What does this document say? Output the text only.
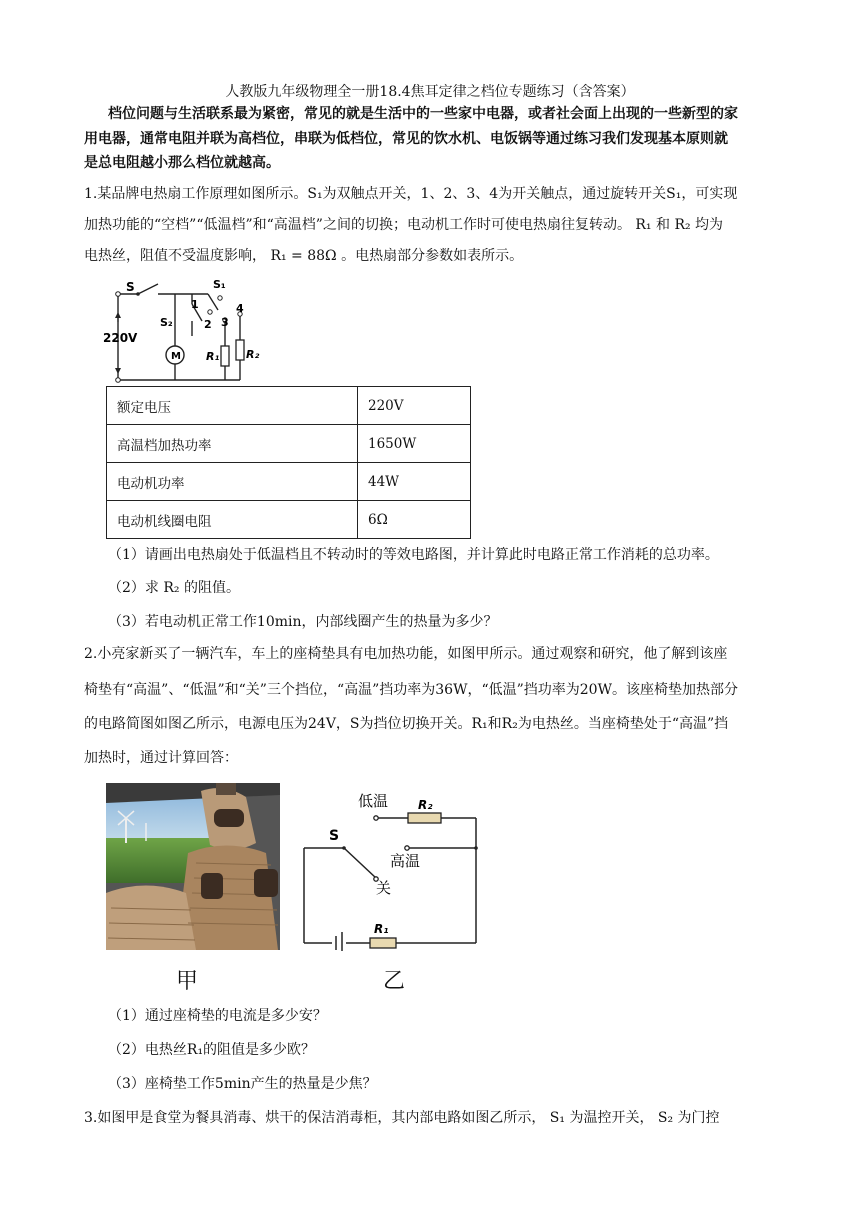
人教版九年级物理全一册18.4焦耳定律之档位专题练习（含答案）
档位问题与生活联系最为紧密，常见的就是生活中的一些家中电器，或者社会面上出现的一些新型的家
用电器，通常电阻并联为高档位，串联为低档位，常见的饮水机、电饭锅等通过练习我们发现基本原则就
是总电阻越小那么档位就越高。
1.某品牌电热扇工作原理如图所示。S₁为双触点开关，1、2、3、4为开关触点，通过旋转开关S₁，可实现
加热功能的“空档”“低温档”和“高温档”之间的切换；电动机工作时可使电热扇往复转动。 R₁ 和 R₂ 均为
电热丝，阻值不受温度影响， R₁ = 88Ω 。电热扇部分参数如表所示。
S	S₁
S₂
220V
M R₁ R₂
1
2 3
4
额定电压	220V
高温档加热功率	1650W
电动机功率	44W
电动机线圈电阻	6Ω
（1）请画出电热扇处于低温档且不转动时的等效电路图，并计算此时电路正常工作消耗的总功率。
（2）求 R₂ 的阻值。
（3）若电动机正常工作10min，内部线圈产生的热量为多少？
2.小亮家新买了一辆汽车，车上的座椅垫具有电加热功能，如图甲所示。通过观察和研究，他了解到该座
椅垫有“高温”、“低温”和“关”三个挡位，“高温”挡功率为36W，“低温”挡功率为20W。该座椅垫加热部分
的电路简图如图乙所示，电源电压为24V，S为挡位切换开关。R₁和R₂为电热丝。当座椅垫处于“高温”挡
加热时，通过计算回答：
甲
低温
高温
关
S
R₂
R₁
乙
（1）通过座椅垫的电流是多少安？
（2）电热丝R₁的阻值是多少欧？
（3）座椅垫工作5min产生的热量是少焦？
3.如图甲是食堂为餐具消毒、烘干的保洁消毒柜，其内部电路如图乙所示， S₁ 为温控开关， S₂ 为门控
